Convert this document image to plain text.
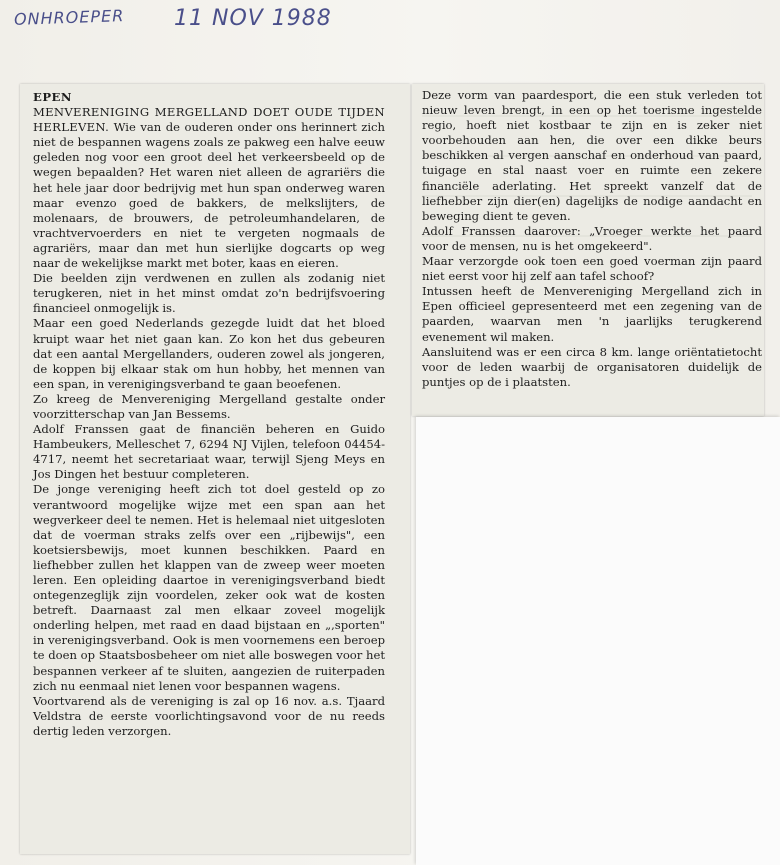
ONHROEPER 11 NOV 1988
EPEN

MENVERENIGING MERGELLAND DOET OUDE TIJDEN HERLEVEN. Wie van de ouderen onder ons herinnert zich niet de bespannen wagens zoals ze pakweg een halve eeuw geleden nog voor een groot deel het verkeersbeeld op de wegen bepaalden? Het waren niet alleen de agrariërs die het hele jaar door bedrijvig met hun span onderweg waren maar evenzo goed de bakkers, de melkslijters, de molenaars, de brouwers, de petroleumhandelaren, de vrachtvervoerders en niet te vergeten nogmaals de agrariërs, maar dan met hun sierlijke dogcarts op weg naar de wekelijkse markt met boter, kaas en eieren.

Die beelden zijn verdwenen en zullen als zodanig niet terugkeren, niet in het minst omdat zo'n bedrijfsvoering financieel onmogelijk is.

Maar een goed Nederlands gezegde luidt dat het bloed kruipt waar het niet gaan kan. Zo kon het dus gebeuren dat een aantal Mergellanders, ouderen zowel als jongeren, de koppen bij elkaar stak om hun hobby, het mennen van een span, in verenigingsverband te gaan beoefenen.

Zo kreeg de Menvereniging Mergelland gestalte onder voorzitterschap van Jan Bessems.

Adolf Franssen gaat de financiën beheren en Guido Hambeukers, Melleschet 7, 6294 NJ Vijlen, telefoon 04454-4717, neemt het secretariaat waar, terwijl Sjeng Meys en Jos Dingen het bestuur completeren.

De jonge vereniging heeft zich tot doel gesteld op zo verantwoord mogelijke wijze met een span aan het wegverkeer deel te nemen. Het is helemaal niet uitgesloten dat de voerman straks zelfs over een „rijbewijs", een koetsiersbewijs, moet kunnen beschikken. Paard en liefhebber zullen het klappen van de zweep weer moeten leren. Een opleiding daartoe in verenigingsverband biedt ontegenzeglijk zijn voordelen, zeker ook wat de kosten betreft. Daarnaast zal men elkaar zoveel mogelijk onderling helpen, met raad en daad bijstaan en „,sporten" in verenigingsverband. Ook is men voornemens een beroep te doen op Staatsbosbeheer om niet alle boswegen voor het bespannen verkeer af te sluiten, aangezien de ruiterpaden zich nu eenmaal niet lenen voor bespannen wagens.

Voortvarend als de vereniging is zal op 16 nov. a.s. Tjaard Veldstra de eerste voorlichtingsavond voor de nu reeds dertig leden verzorgen.

Deze vorm van paardesport, die een stuk verleden tot nieuw leven brengt, in een op het toerisme ingestelde regio, hoeft niet kostbaar te zijn en is zeker niet voorbehouden aan hen, die over een dikke beurs beschikken al vergen aanschaf en onderhoud van paard, tuigage en stal naast voer en ruimte een zekere financiële aderlating. Het spreekt vanzelf dat de liefhebber zijn dier(en) dagelijks de nodige aandacht en beweging dient te geven.

Adolf Franssen daarover: „Vroeger werkte het paard voor de mensen, nu is het omgekeerd".

Maar verzorgde ook toen een goed voerman zijn paard niet eerst voor hij zelf aan tafel schoof?

Intussen heeft de Menvereniging Mergelland zich in Epen officieel gepresenteerd met een zegening van de paarden, waarvan men 'n jaarlijks terugkerend evenement wil maken.

Aansluitend was er een circa 8 km. lange oriëntatietocht voor de leden waarbij de organisatoren duidelijk de puntjes op de i plaatsten.
